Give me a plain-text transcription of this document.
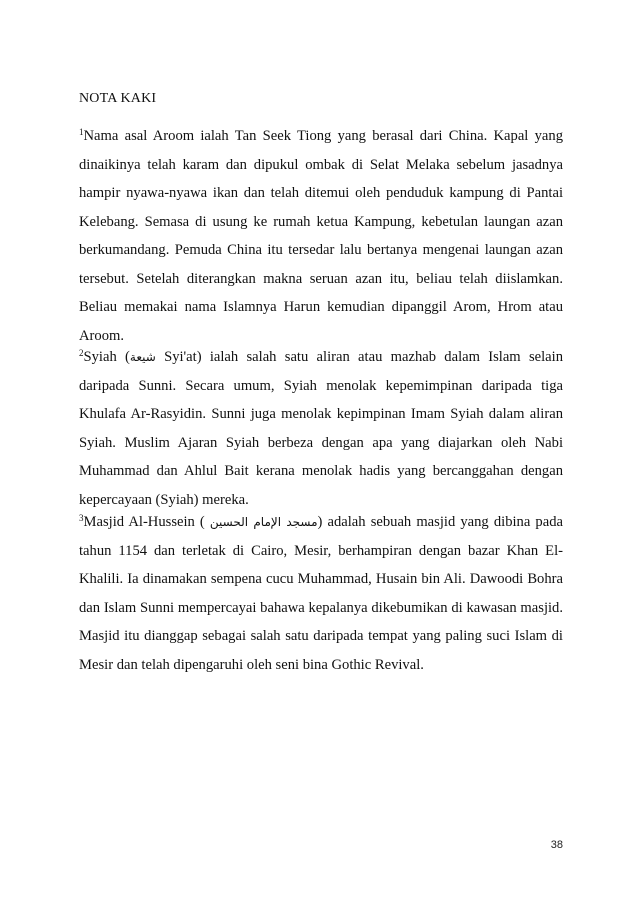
NOTA KAKI

$^1$Nama asal Aroom ialah Tan Seek Tiong yang berasal dari China. Kapal yang dinaikinya telah karam dan dipukul ombak di Selat Melaka sebelum jasadnya hampir nyawa-nyawa ikan dan telah ditemui oleh penduduk kampung di Pantai Kelebang. Semasa di usung ke rumah ketua Kampung, kebetulan laungan azan berkumandang. Pemuda China itu tersedar lalu bertanya mengenai laungan azan tersebut. Setelah diterangkan makna seruan azan itu, beliau telah diislamkan. Beliau memakai nama Islamnya Harun kemudian dipanggil Arom, Hrom atau Aroom.

$^2$Syiah (شيعة Syi'at) ialah salah satu aliran atau mazhab dalam Islam selain daripada Sunni. Secara umum, Syiah menolak kepemimpinan daripada tiga Khulafa Ar-Rasyidin. Sunni juga menolak kepimpinan Imam Syiah dalam aliran Syiah. Muslim Ajaran Syiah berbeza dengan apa yang diajarkan oleh Nabi Muhammad dan Ahlul Bait kerana menolak hadis yang bercanggahan dengan kepercayaan (Syiah) mereka.

$^3$Masjid Al-Hussein ( مسجد الإمام الحسين) adalah sebuah masjid yang dibina pada tahun 1154 dan terletak di Cairo, Mesir, berhampiran dengan bazar Khan El-Khalili. Ia dinamakan sempena cucu Muhammad, Husain bin Ali. Dawoodi Bohra dan Islam Sunni mempercayai bahawa kepalanya dikebumikan di kawasan masjid. Masjid itu dianggap sebagai salah satu daripada tempat yang paling suci Islam di Mesir dan telah dipengaruhi oleh seni bina Gothic Revival.

38
